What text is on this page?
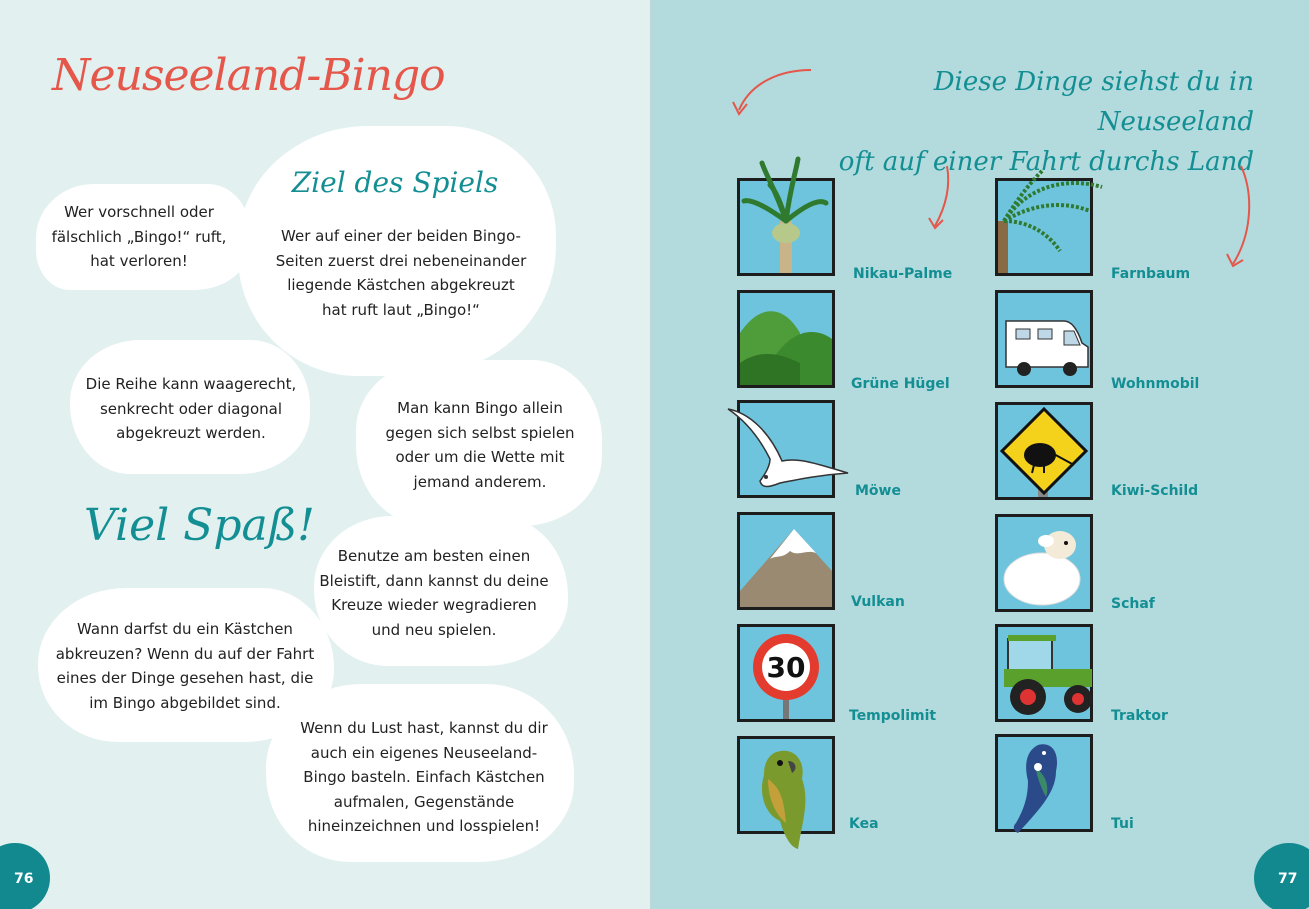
Neuseeland-Bingo

Wer vorschnell oder
fälschlich „Bingo!“ ruft,
hat verloren!

Ziel des Spiels

Wer auf einer der beiden Bingo-
Seiten zuerst drei nebeneinander
liegende Kästchen abgekreuzt
hat ruft laut „Bingo!“

Die Reihe kann waagerecht,
senkrecht oder diagonal
abgekreuzt werden.

Man kann Bingo allein
gegen sich selbst spielen
oder um die Wette mit
jemand anderem.

Viel Spaß!

Benutze am besten einen
Bleistift, dann kannst du deine
Kreuze wieder wegradieren
und neu spielen.

Wann darfst du ein Kästchen
abkreuzen? Wenn du auf der Fahrt
eines der Dinge gesehen hast, die
im Bingo abgebildet sind.

Wenn du Lust hast, kannst du dir
auch ein eigenes Neuseeland-
Bingo basteln. Einfach Kästchen
aufmalen, Gegenstände
hineinzeichnen und losspielen!

76
Diese Dinge siehst du in Neuseeland
oft auf einer Fahrt durchs Land
Nikau-Palme
Grüne Hügel
Möwe
Vulkan
30
Tempolimit
Kea
Farnbaum
Wohnmobil
Kiwi-Schild
Schaf
Traktor
Tui
77
